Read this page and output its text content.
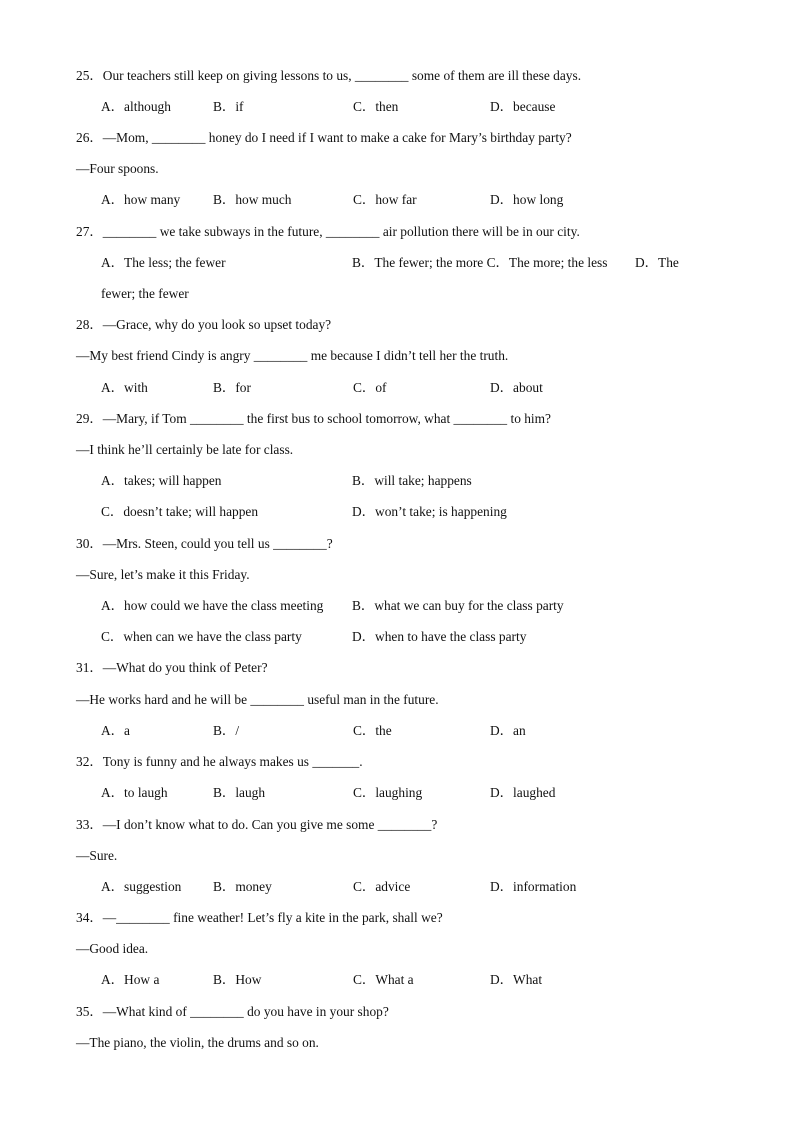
25．Our teachers still keep on giving lessons to us, ________ some of them are ill these days.
A．although	B．if	C．then	D．because
26．—Mom, ________ honey do I need if I want to make a cake for Mary’s birthday party?
—Four spoons.
A．how many B．how much	C．how far	D．how long
27．________ we take subways in the future, ________ air pollution there will be in our city.
A．The less; the fewer	B．The fewer; the more C．The more; the less D．The
fewer; the fewer
28．—Grace, why do you look so upset today?
—My best friend Cindy is angry ________ me because I didn’t tell her the truth.
A．with	B．for	C．of	D．about
29．—Mary, if Tom ________ the first bus to school tomorrow, what ________ to him?
—I think he’ll certainly be late for class.
A．takes; will happen	B．will take; happens
C．doesn’t take; will happen	D．won’t take; is happening
30．—Mrs. Steen, could you tell us ________?
—Sure, let’s make it this Friday.
A．how could we have the class meeting B．what we can buy for the class party
C．when can we have the class party	D．when to have the class party
31．—What do you think of Peter?
—He works hard and he will be ________ useful man in the future.
A．a	B．/	C．the	D．an
32．Tony is funny and he always makes us _______.
A．to laugh	B．laugh	C．laughing	D．laughed
33．—I don’t know what to do. Can you give me some ________?
—Sure.
A．suggestion B．money	C．advice	D．information
34．—________ fine weather! Let’s fly a kite in the park, shall we?
—Good idea.
A．How a	B．How	C．What a	D．What
35．—What kind of ________ do you have in your shop?
—The piano, the violin, the drums and so on.
